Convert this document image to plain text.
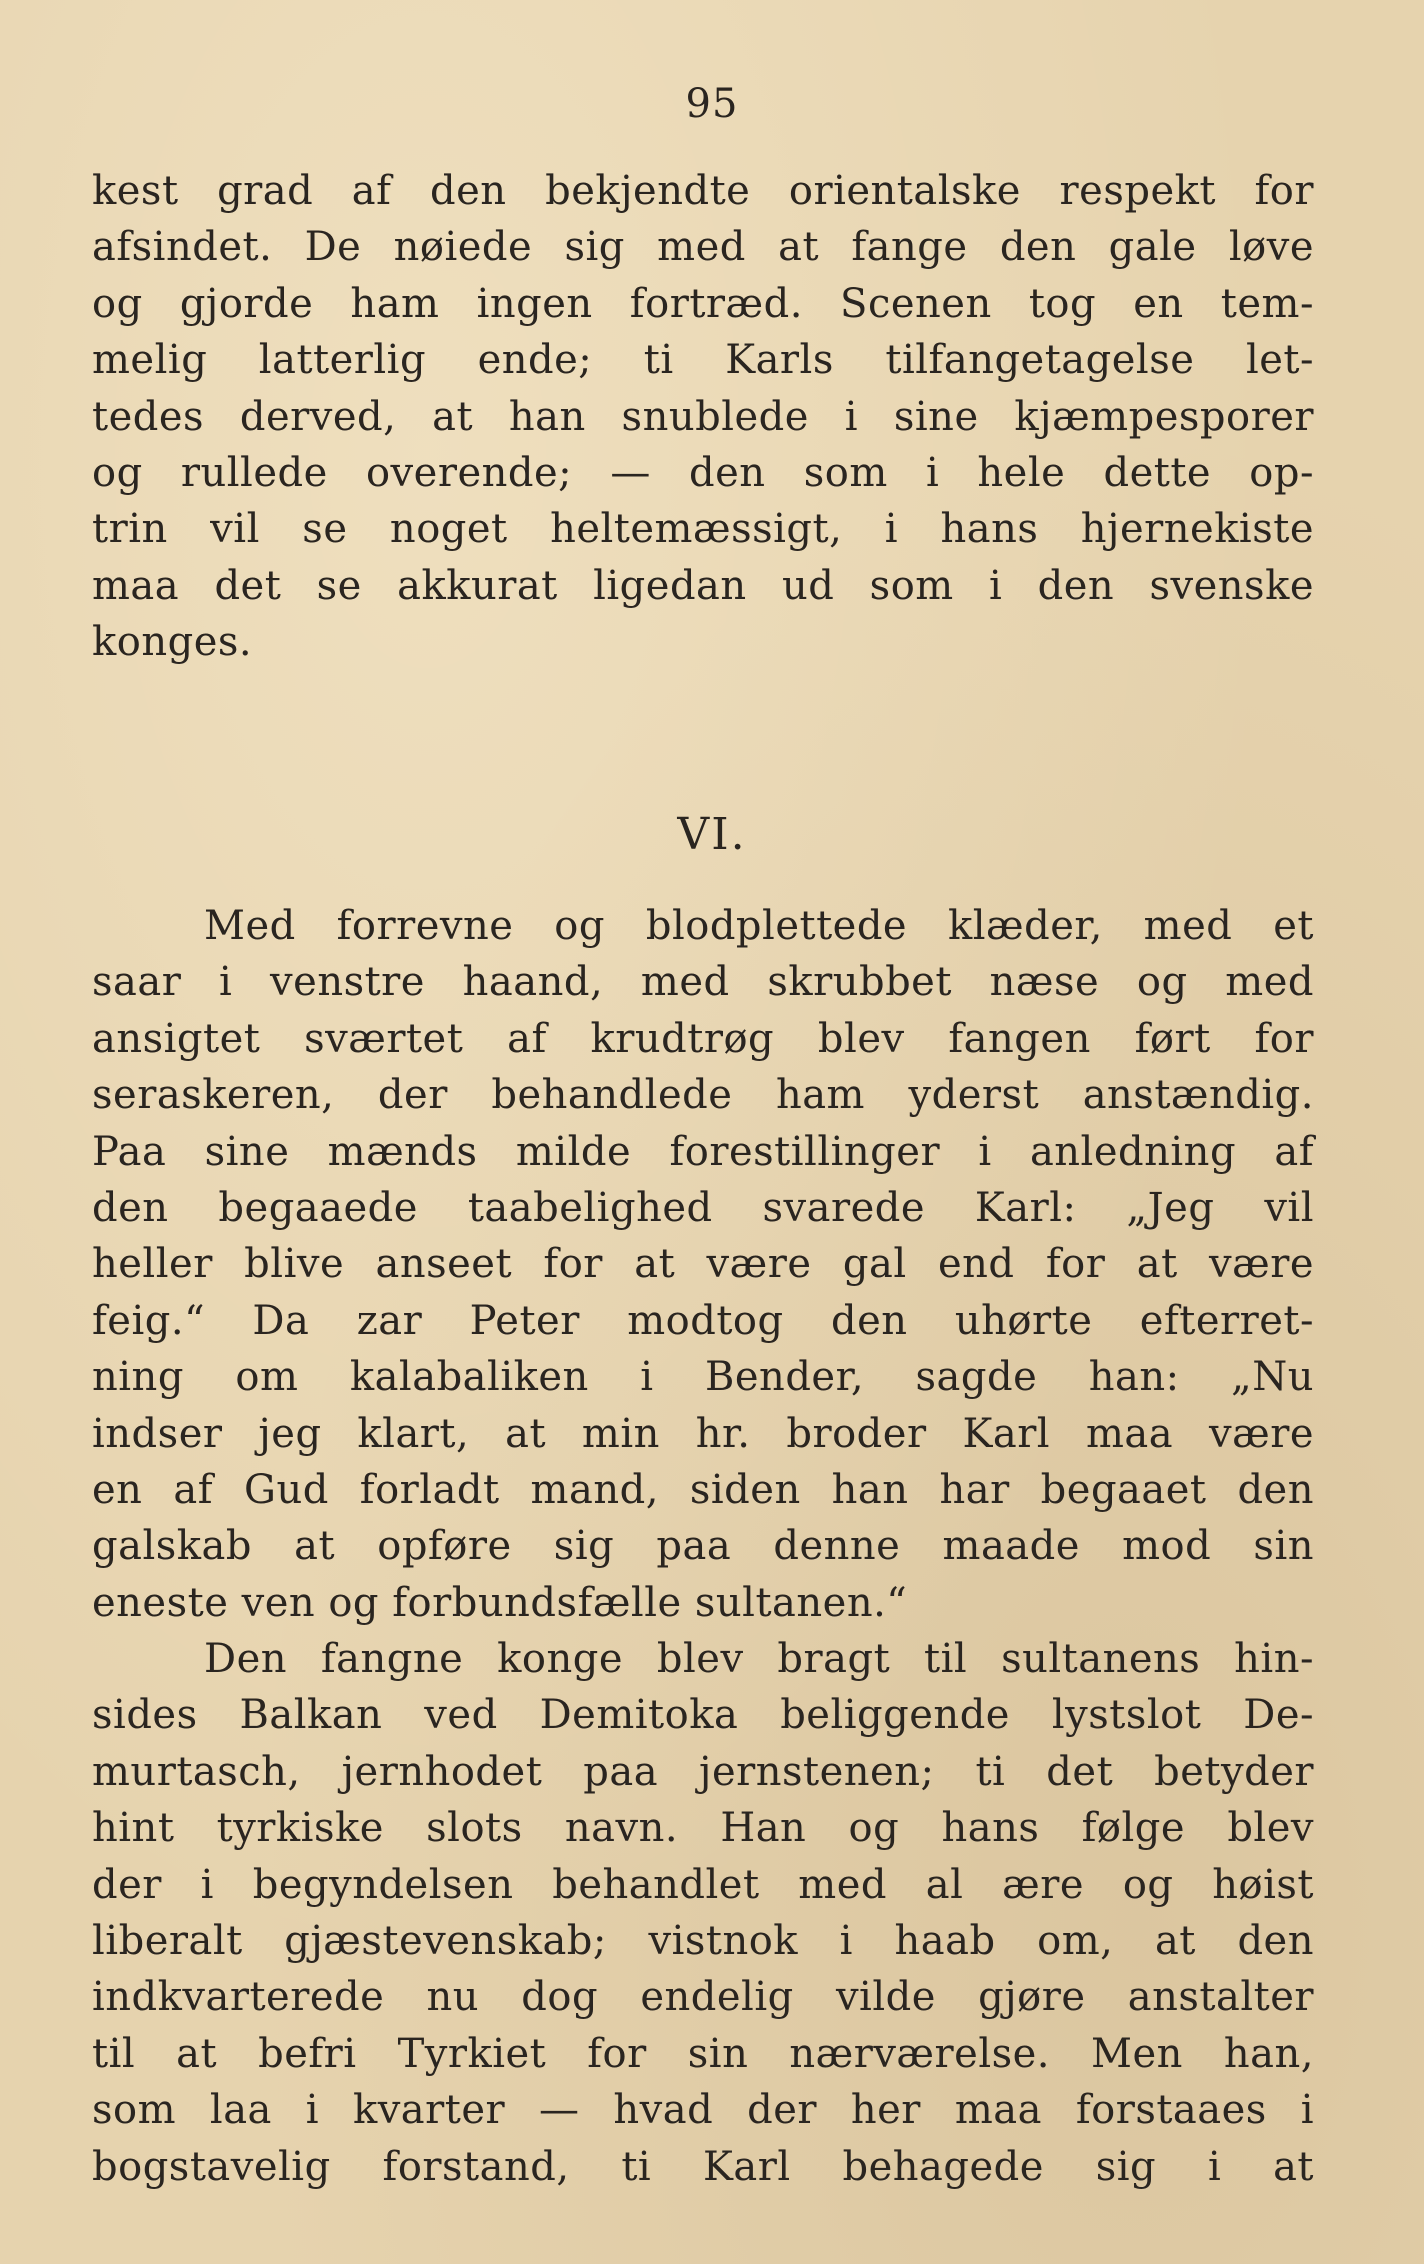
95
kest grad af den bekjendte orientalske respekt for
afsindet. De nøiede sig med at fange den gale løve
og gjorde ham ingen fortræd. Scenen tog en tem-
melig latterlig ende; ti Karls tilfangetagelse let-
tedes derved, at han snublede i sine kjæmpesporer
og rullede overende; — den som i hele dette op-
trin vil se noget heltemæssigt, i hans hjernekiste
maa det se akkurat ligedan ud som i den svenske
konges.
VI.
Med forrevne og blodplettede klæder, med et
saar i venstre haand, med skrubbet næse og med
ansigtet sværtet af krudtrøg blev fangen ført for
seraskeren, der behandlede ham yderst anstændig.
Paa sine mænds milde forestillinger i anledning af
den begaaede taabelighed svarede Karl: „Jeg vil
heller blive anseet for at være gal end for at være
feig.“ Da zar Peter modtog den uhørte efterret-
ning om kalabaliken i Bender, sagde han: „Nu
indser jeg klart, at min hr. broder Karl maa være
en af Gud forladt mand, siden han har begaaet den
galskab at opføre sig paa denne maade mod sin
eneste ven og forbundsfælle sultanen.“
Den fangne konge blev bragt til sultanens hin-
sides Balkan ved Demitoka beliggende lystslot De-
murtasch, jernhodet paa jernstenen; ti det betyder
hint tyrkiske slots navn. Han og hans følge blev
der i begyndelsen behandlet med al ære og høist
liberalt gjæstevenskab; vistnok i haab om, at den
indkvarterede nu dog endelig vilde gjøre anstalter
til at befri Tyrkiet for sin nærværelse. Men han,
som laa i kvarter — hvad der her maa forstaaes i
bogstavelig forstand, ti Karl behagede sig i at
